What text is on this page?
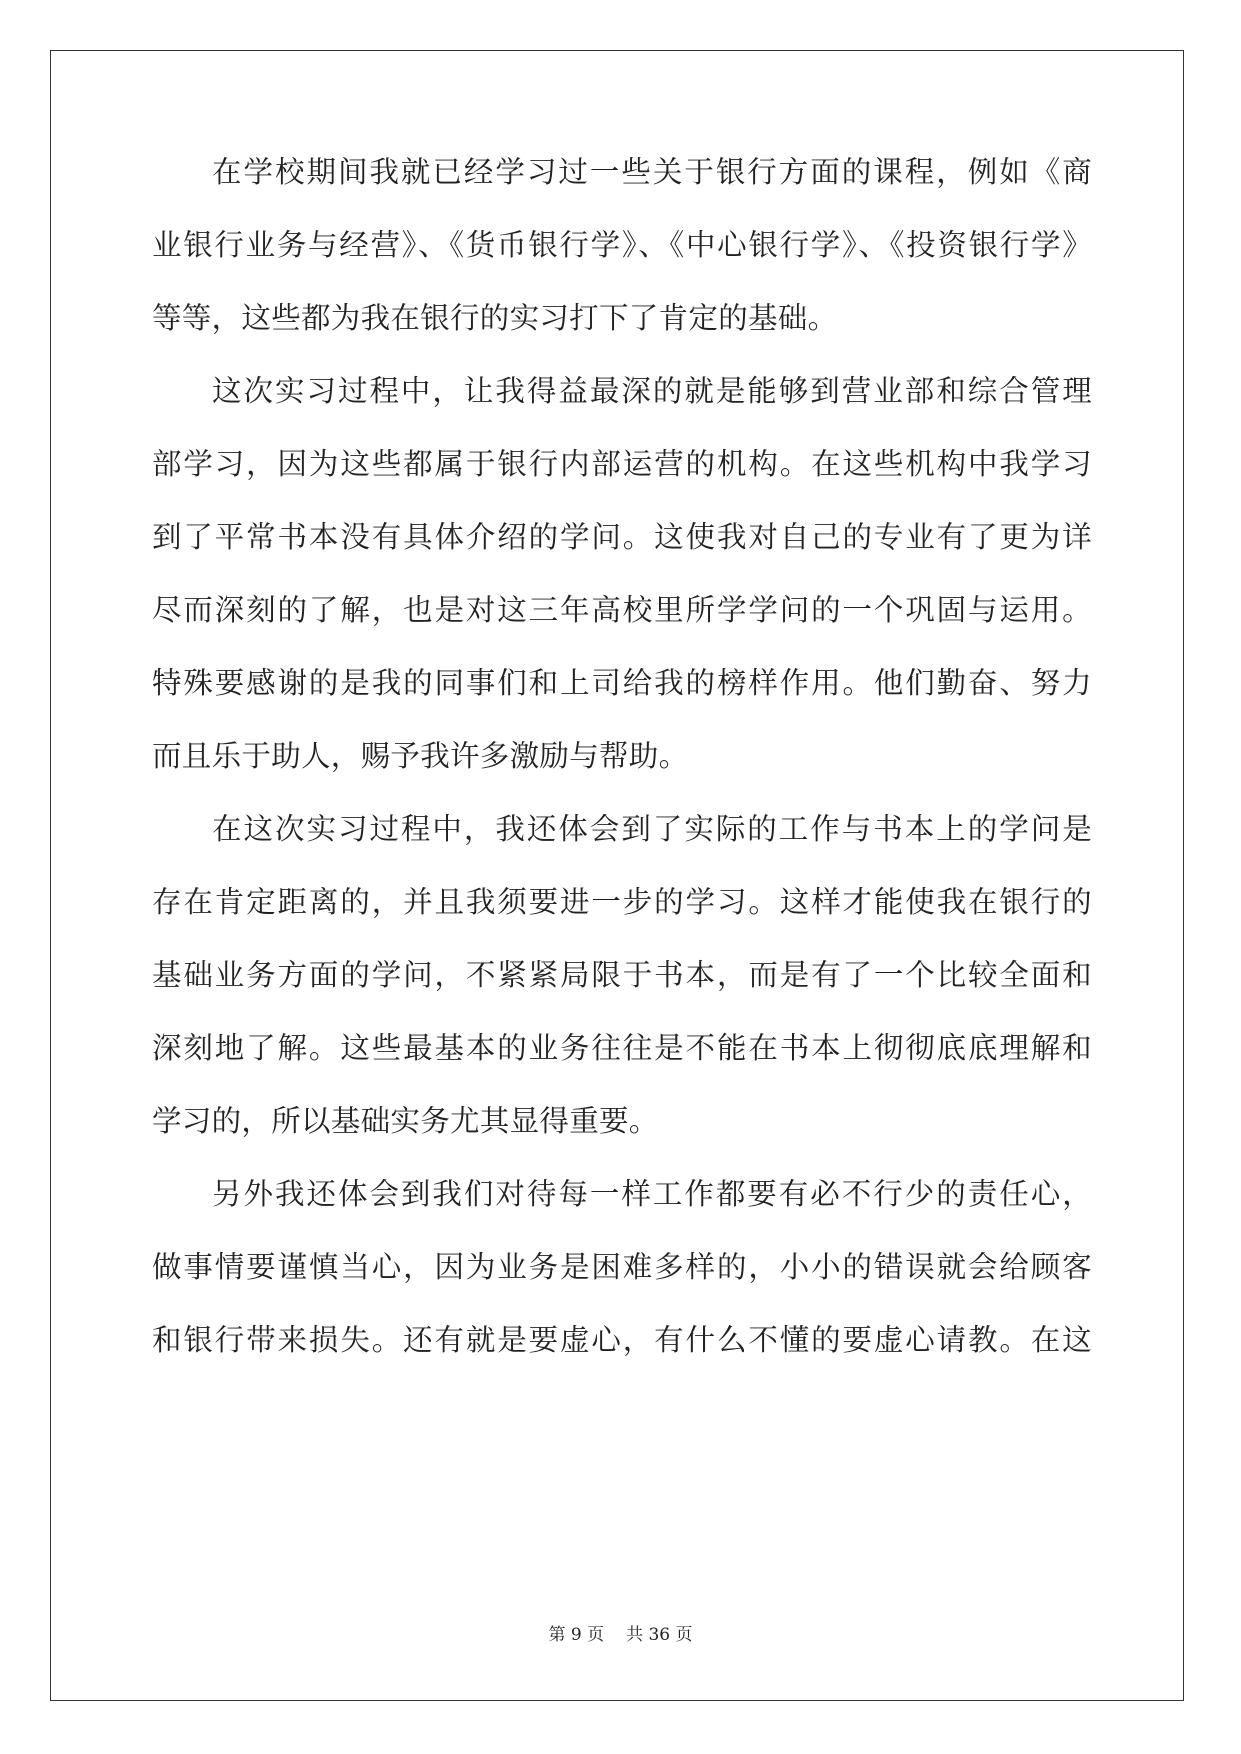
在学校期间我就已经学习过一些关于银行方面的课程，例如《商
业银行业务与经营》、《货币银行学》、《中心银行学》、《投资银行学》
等等，这些都为我在银行的实习打下了肯定的基础。
这次实习过程中，让我得益最深的就是能够到营业部和综合管理
部学习，因为这些都属于银行内部运营的机构。在这些机构中我学习
到了平常书本没有具体介绍的学问。这使我对自己的专业有了更为详
尽而深刻的了解，也是对这三年高校里所学学问的一个巩固与运用。
特殊要感谢的是我的同事们和上司给我的榜样作用。他们勤奋、努力
而且乐于助人，赐予我许多激励与帮助。
在这次实习过程中，我还体会到了实际的工作与书本上的学问是
存在肯定距离的，并且我须要进一步的学习。这样才能使我在银行的
基础业务方面的学问，不紧紧局限于书本，而是有了一个比较全面和
深刻地了解。这些最基本的业务往往是不能在书本上彻彻底底理解和
学习的，所以基础实务尤其显得重要。
另外我还体会到我们对待每一样工作都要有必不行少的责任心，
做事情要谨慎当心，因为业务是困难多样的，小小的错误就会给顾客
和银行带来损失。还有就是要虚心，有什么不懂的要虚心请教。在这
第 9 页 共 36 页
